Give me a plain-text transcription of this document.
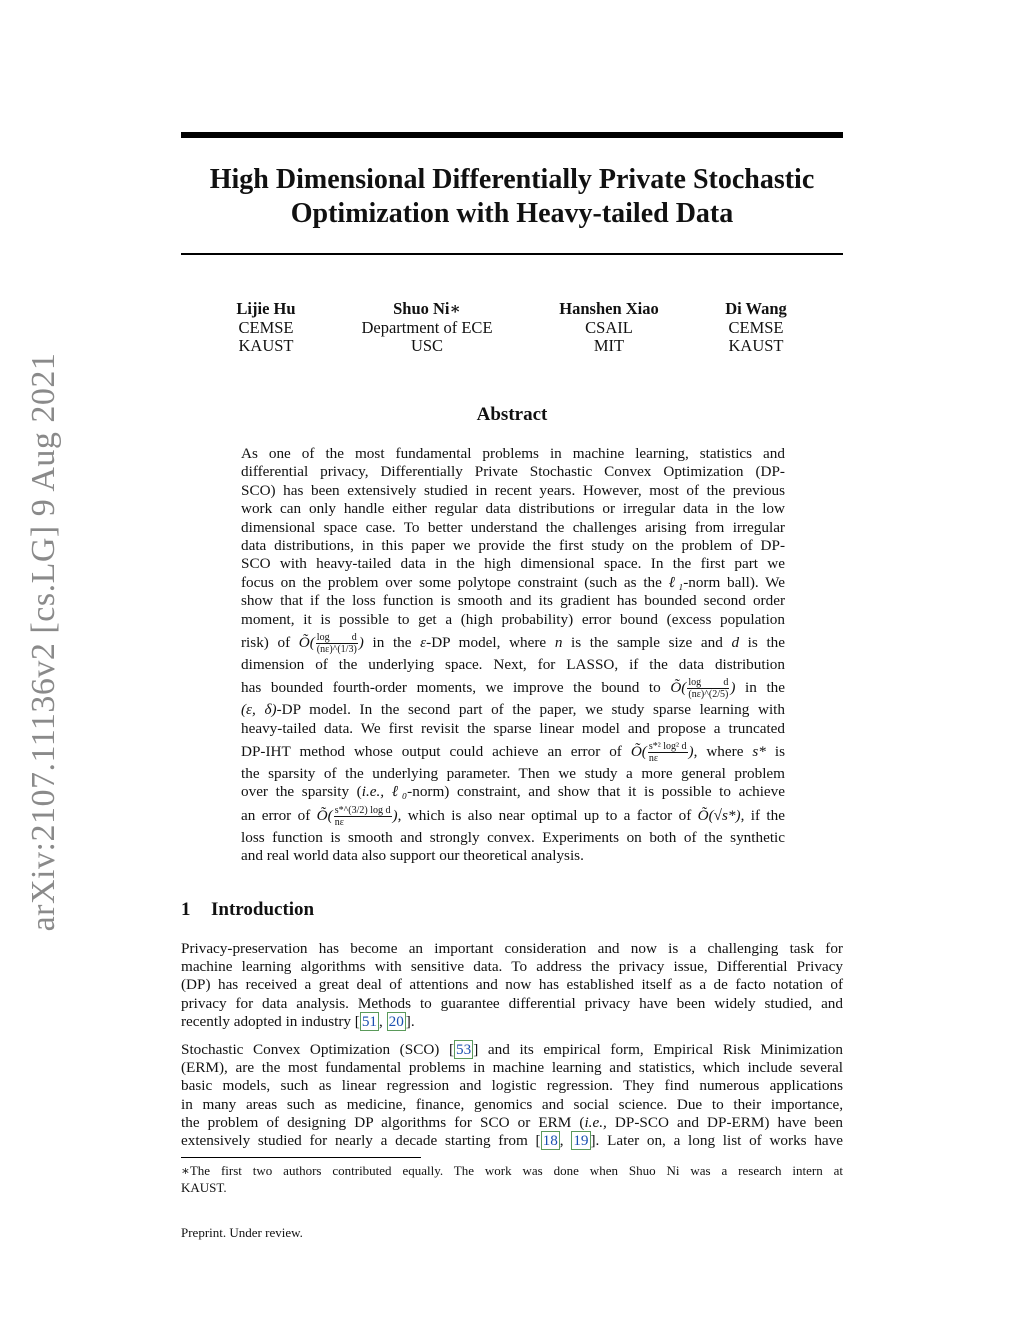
arXiv:2107.11136v2 [cs.LG] 9 Aug 2021
High Dimensional Differentially Private Stochastic
Optimization with Heavy-tailed Data
Lijie Hu
CEMSE
KAUST
Shuo Ni∗
Department of ECE
USC
Hanshen Xiao
CSAIL
MIT
Di Wang
CEMSE
KAUST
Abstract
As one of the most fundamental problems in machine learning, statistics and
differential privacy, Differentially Private Stochastic Convex Optimization (DP-
SCO) has been extensively studied in recent years. However, most of the previous
work can only handle either regular data distributions or irregular data in the low
dimensional space case. To better understand the challenges arising from irregular
data distributions, in this paper we provide the first study on the problem of DP-
SCO with heavy-tailed data in the high dimensional space. In the first part we
focus on the problem over some polytope constraint (such as the ℓ₁-norm ball). We
show that if the loss function is smooth and its gradient has bounded second order
moment, it is possible to get a (high probability) error bound (excess population
risk) of Õ( $\frac{\text{log d}}{(n\varepsilon)\^{}(1/3)}$ ) in the ε-DP model, where n is the sample size and d is the
dimension of the underlying space. Next, for LASSO, if the data distribution
has bounded fourth-order moments, we improve the bound to Õ( $\frac{\text{log d}}{(n\varepsilon)\^{}(2/5)}$ ) in the
(ε, δ)-DP model. In the second part of the paper, we study sparse learning with
heavy-tailed data. We first revisit the sparse linear model and propose a truncated
DP-IHT method whose output could achieve an error of Õ( $\frac{\text{s*² log² d}}{n\varepsilon}$ ), where s* is
the sparsity of the underlying parameter. Then we study a more general problem
over the sparsity (i.e., ℓ₀-norm) constraint, and show that it is possible to achieve
an error of Õ( $\frac{\text{s*\textasciicircum{}(3/2) log d}}{n\varepsilon}$ ), which is also near optimal up to a factor of Õ(√s*), if the
loss function is smooth and strongly convex. Experiments on both of the synthetic
and real world data also support our theoretical analysis.
1 Introduction
Privacy-preservation has become an important consideration and now is a challenging task for
machine learning algorithms with sensitive data. To address the privacy issue, Differential Privacy
(DP) has received a great deal of attentions and now has established itself as a de facto notation of
privacy for data analysis. Methods to guarantee differential privacy have been widely studied, and
recently adopted in industry [ 51 , 20 ].
Stochastic Convex Optimization (SCO) [ 53 ] and its empirical form, Empirical Risk Minimization
(ERM), are the most fundamental problems in machine learning and statistics, which include several
basic models, such as linear regression and logistic regression. They find numerous applications
in many areas such as medicine, finance, genomics and social science. Due to their importance,
the problem of designing DP algorithms for SCO or ERM (i.e., DP-SCO and DP-ERM) have been
extensively studied for nearly a decade starting from [ 18 , 19 ]. Later on, a long list of works have
∗The first two authors contributed equally. The work was done when Shuo Ni was a research intern at
KAUST.
Preprint. Under review.
